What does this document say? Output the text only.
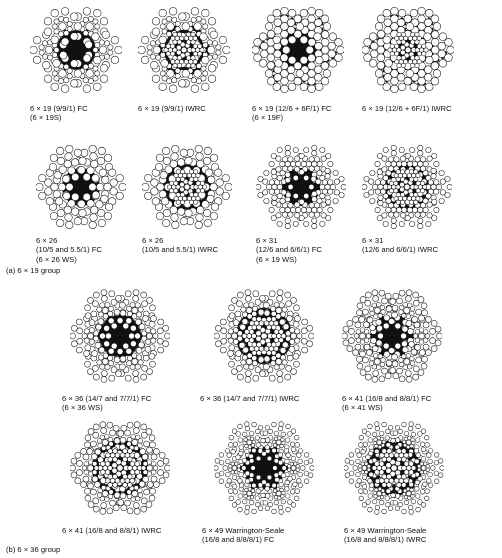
6 × 19 (9/9/1) FC
(6 × 19S)
6 × 19 (9/9/1) IWRC	6 × 19 (12/6 + 6F/1) FC
(6 × 19F)
6 × 19 (12/6 + 6F/1) IWRC
6 × 26
(10/5 and 5.5/1) FC
(6 × 26 WS)
6 × 26
(10/5 and 5.5/1) IWRC
6 × 31
(12/6 and 6/6/1) FC
(6 × 19 WS)
6 × 31
(12/6 and 6/6/1) IWRC
(a) 6 × 19 group
6 × 36 (14/7 and 7/7/1) FC
(6 × 36 WS)
6 × 36 (14/7 and 7/7/1) IWRC	6 × 41 (16/8 and 8/8/1) FC
(6 × 41 WS)
6 × 41 (16/8 and 8/8/1) IWRC	6 × 49 Warrington-Seale
(16/8 and 8/8/8/1) FC
6 × 49 Warrington-Seale
(16/8 and 8/8/8/1) IWRC
(b) 6 × 36 group
